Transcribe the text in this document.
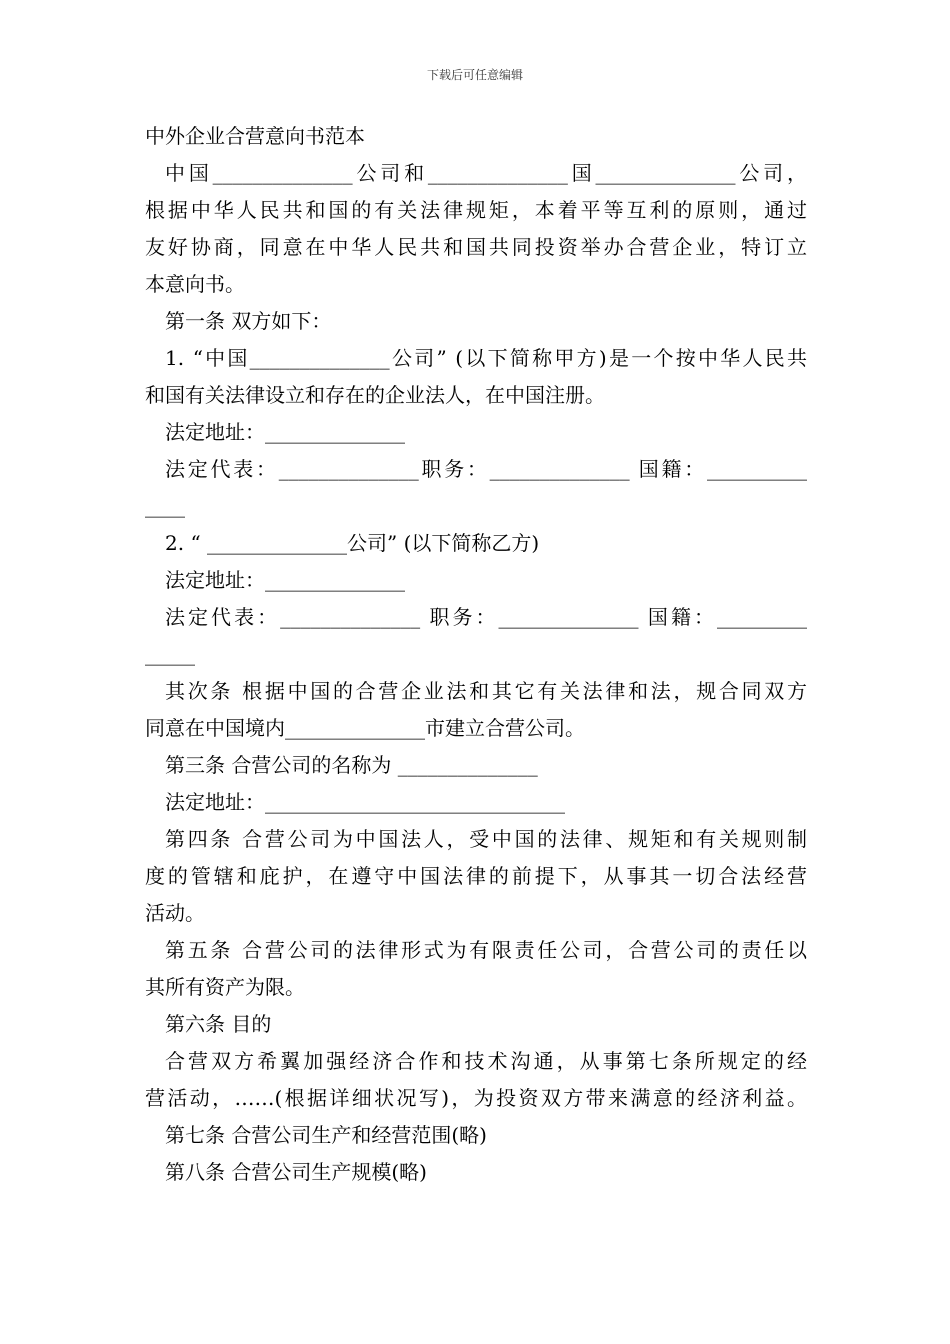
下载后可任意编辑
中外企业合营意向书范本
中国______________公司和______________国______________公司，
根据中华人民共和国的有关法律规矩，本着平等互利的原则，通过
友好协商，同意在中华人民共和国共同投资举办合营企业，特订立
本意向书。
第一条 双方如下：
1. “中国______________公司” (以下简称甲方)是一个按中华人民共
和国有关法律设立和存在的企业法人，在中国注册。
法定地址：______________
法定代表：______________职务：______________ 国籍：__________
____
2. “ ______________公司” (以下简称乙方)
法定地址：______________
法定代表：______________ 职务：______________ 国籍：_________
_____
其次条 根据中国的合营企业法和其它有关法律和法，规合同双方
同意在中国境内______________市建立合营公司。
第三条 合营公司的名称为 ______________
法定地址：______________________________
第四条 合营公司为中国法人，受中国的法律、规矩和有关规则制
度的管辖和庇护，在遵守中国法律的前提下，从事其一切合法经营
活动。
第五条 合营公司的法律形式为有限责任公司，合营公司的责任以
其所有资产为限。
第六条 目的
合营双方希翼加强经济合作和技术沟通，从事第七条所规定的经
营活动，……(根据详细状况写)，为投资双方带来满意的经济利益。
第七条 合营公司生产和经营范围(略)
第八条 合营公司生产规模(略)
